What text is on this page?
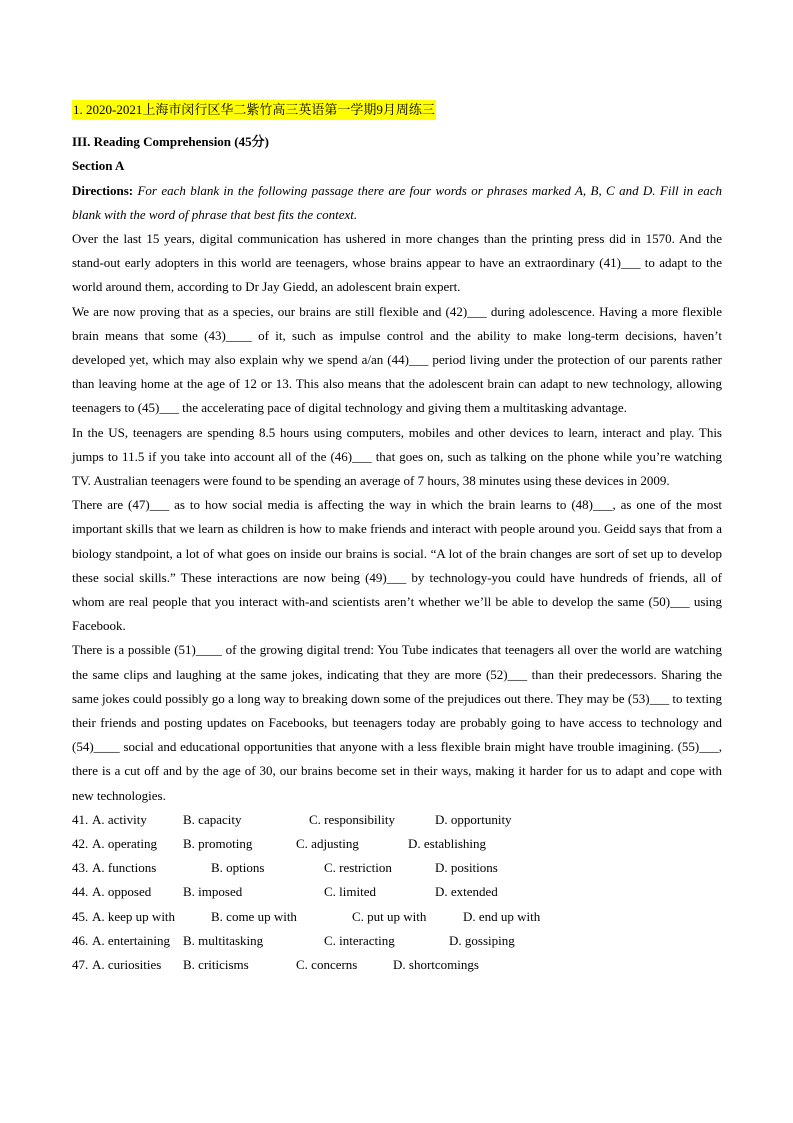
1. 2020-2021上海市闵行区华二紫竹高三英语第一学期9月周练三
III. Reading Comprehension (45分)
Section A

Directions: For each blank in the following passage there are four words or phrases marked A, B, C and D. Fill in each blank with the word of phrase that best fits the context.

Over the last 15 years, digital communication has ushered in more changes than the printing press did in 1570. And the stand-out early adopters in this world are teenagers, whose brains appear to have an extraordinary (41)___ to adapt to the world around them, according to Dr Jay Giedd, an adolescent brain expert.

We are now proving that as a species, our brains are still flexible and (42)___ during adolescence. Having a more flexible brain means that some (43)____ of it, such as impulse control and the ability to make long-term decisions, haven’t developed yet, which may also explain why we spend a/an (44)___ period living under the protection of our parents rather than leaving home at the age of 12 or 13. This also means that the adolescent brain can adapt to new technology, allowing teenagers to (45)___ the accelerating pace of digital technology and giving them a multitasking advantage.

In the US, teenagers are spending 8.5 hours using computers, mobiles and other devices to learn, interact and play. This jumps to 11.5 if you take into account all of the (46)___ that goes on, such as talking on the phone while you’re watching TV. Australian teenagers were found to be spending an average of 7 hours, 38 minutes using these devices in 2009.

There are (47)___ as to how social media is affecting the way in which the brain learns to (48)___, as one of the most important skills that we learn as children is how to make friends and interact with people around you. Geidd says that from a biology standpoint, a lot of what goes on inside our brains is social. “A lot of the brain changes are sort of set up to develop these social skills.” These interactions are now being (49)___ by technology-you could have hundreds of friends, all of whom are real people that you interact with-and scientists aren’t whether we’ll be able to develop the same (50)___ using Facebook.

There is a possible (51)____ of the growing digital trend: You Tube indicates that teenagers all over the world are watching the same clips and laughing at the same jokes, indicating that they are more (52)___ than their predecessors. Sharing the same jokes could possibly go a long way to breaking down some of the prejudices out there. They may be (53)___ to texting their friends and posting updates on Facebooks, but teenagers today are probably going to have access to technology and (54)____ social and educational opportunities that anyone with a less flexible brain might have trouble imagining. (55)___, there is a cut off and by the age of 30, our brains become set in their ways, making it harder for us to adapt and cope with new technologies.

41. A. activity	B. capacity	C. responsibility	D. opportunity
42. A. operating	B. promoting	C. adjusting	D. establishing
43. A. functions	B. options	C. restriction	D. positions
44. A. opposed	B. imposed	C. limited	D. extended
45. A. keep up with	B. come up with	C. put up with	D. end up with
46. A. entertaining	B. multitasking	C. interacting	D. gossiping
47. A. curiosities	B. criticisms	C. concerns	D. shortcomings
